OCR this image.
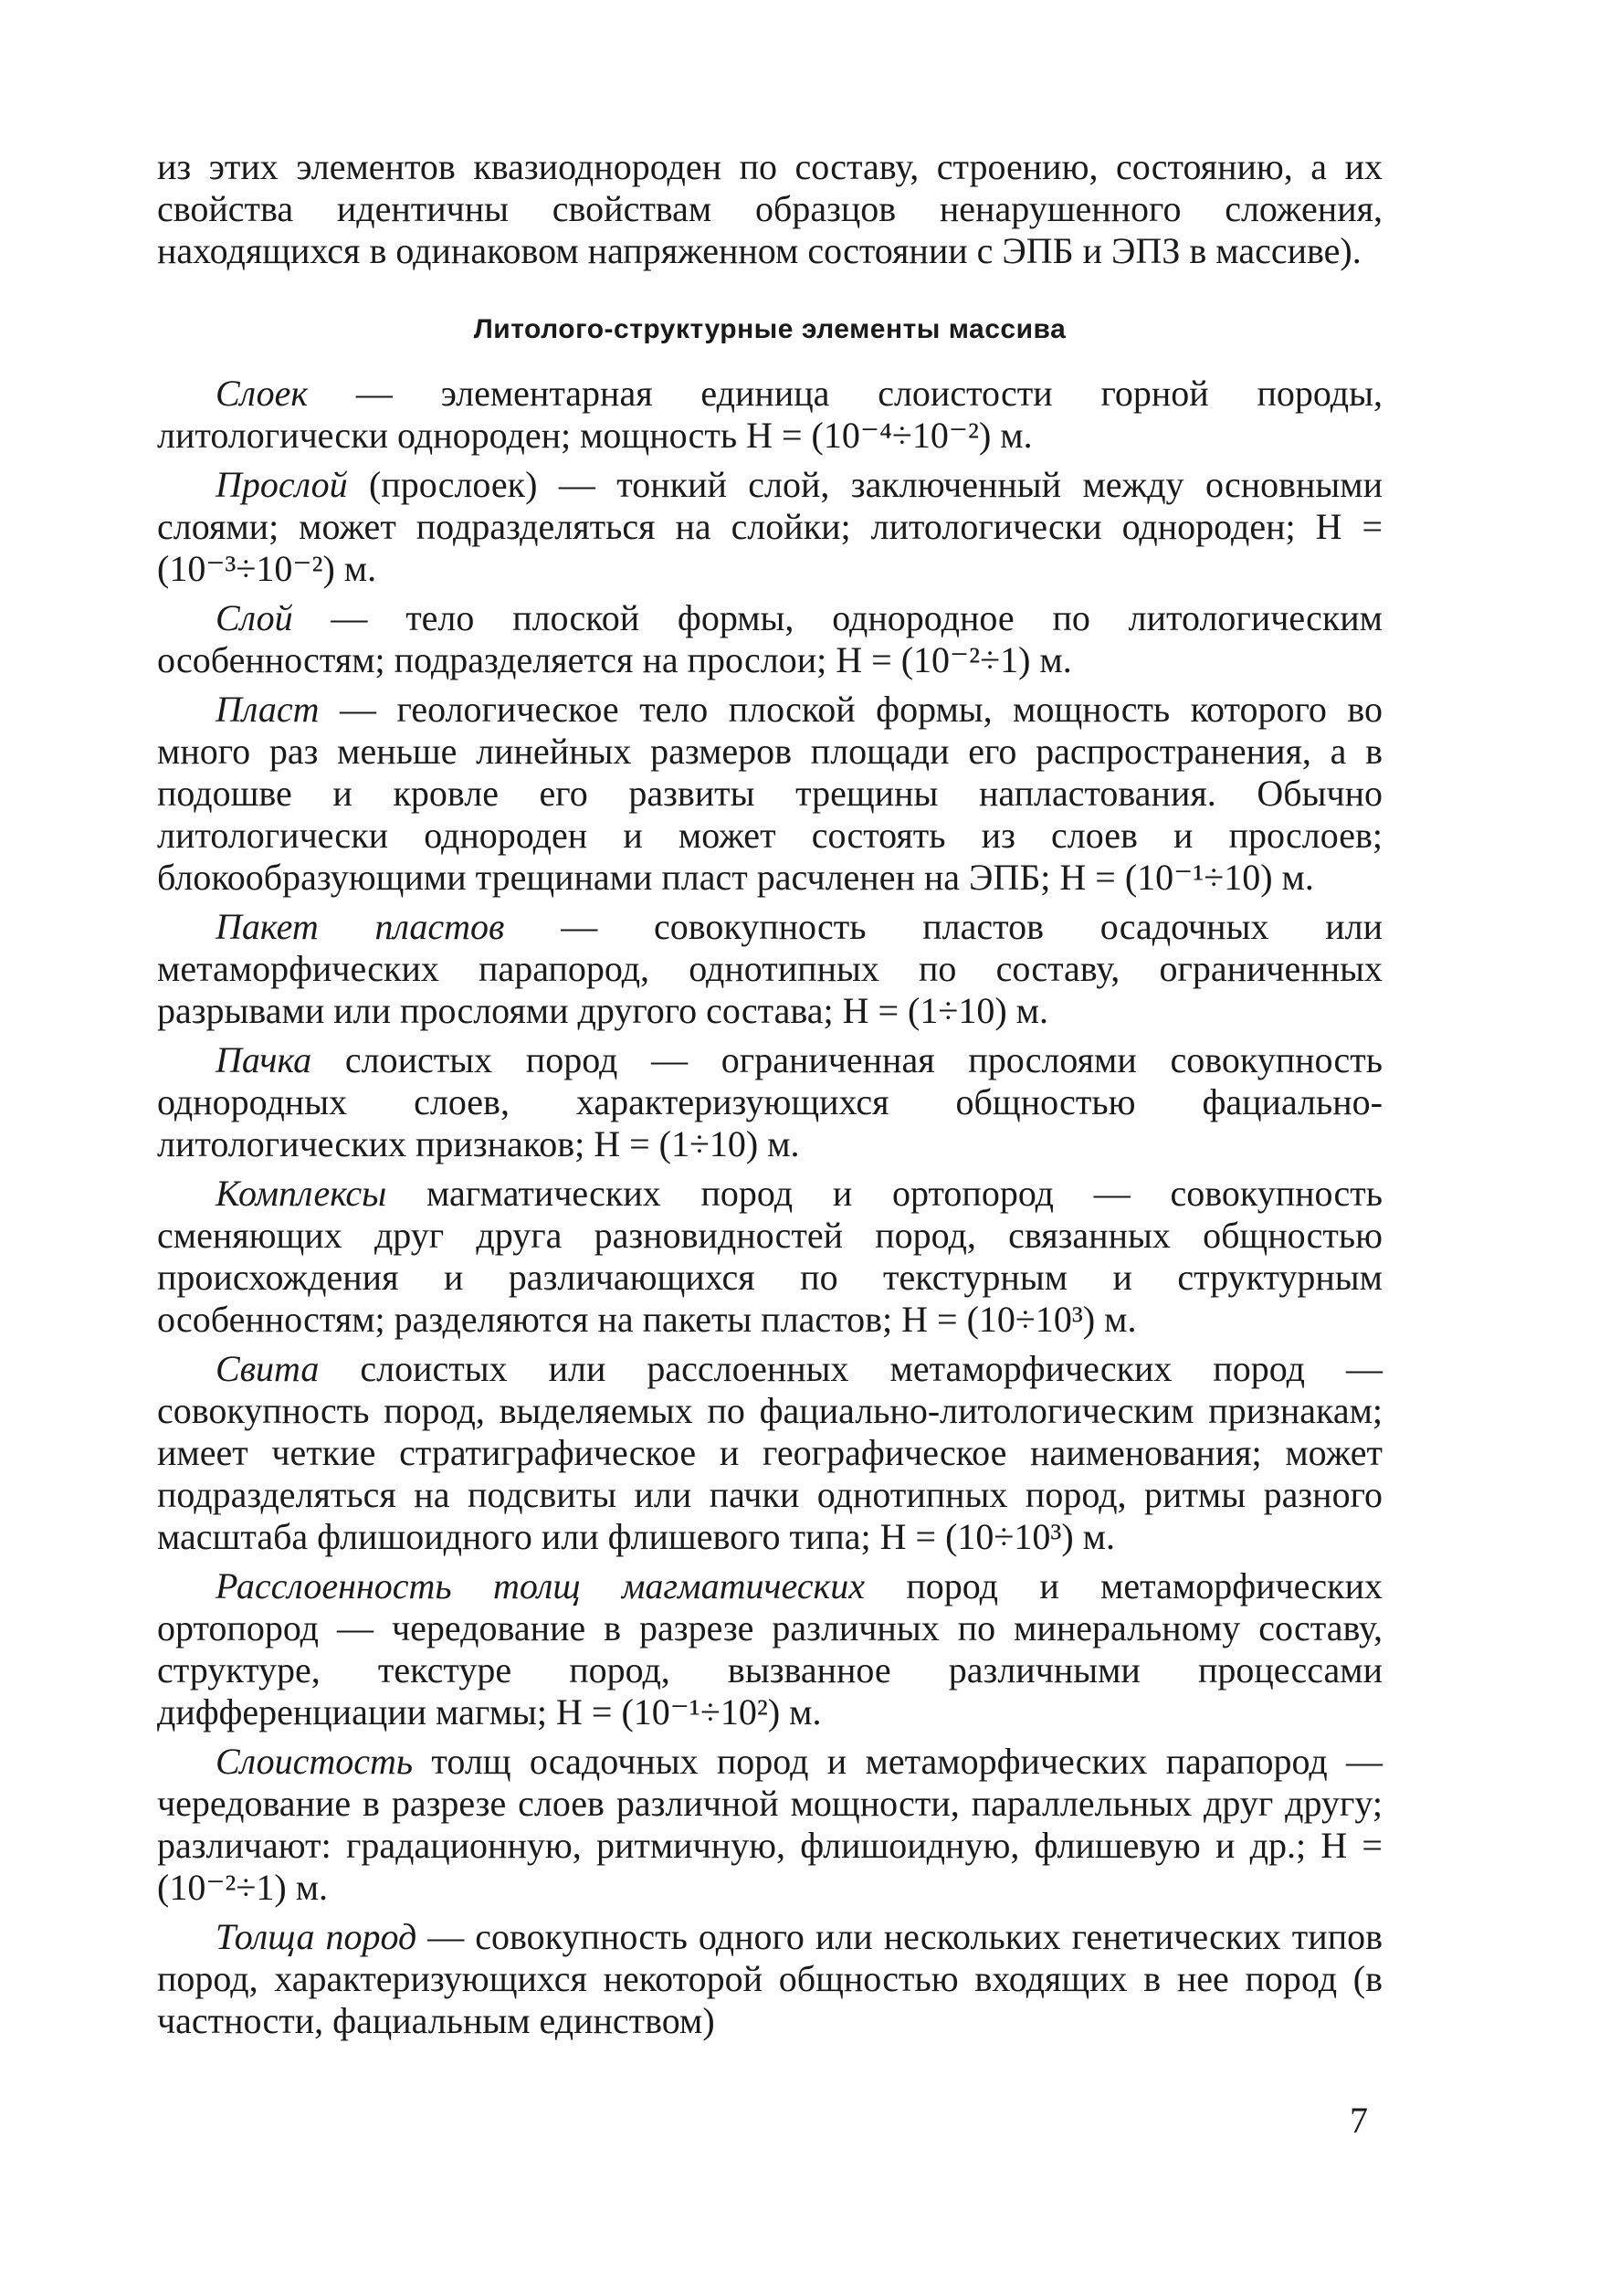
из этих элементов квазиоднороден по составу, строению, состоянию, а их свойства идентичны свойствам образцов ненарушенного сложения, находящихся в одинаковом напряженном состоянии с ЭПБ и ЭПЗ в массиве).

Литолого-структурные элементы массива

Слоек — элементарная единица слоистости горной породы, литологически однороден; мощность H = (10⁻⁴÷10⁻²) м.

Прослой (прослоек) — тонкий слой, заключенный между основными слоями; может подразделяться на слойки; литологически однороден; H = (10⁻³÷10⁻²) м.

Слой — тело плоской формы, однородное по литологическим особенностям; подразделяется на прослои; H = (10⁻²÷1) м.

Пласт — геологическое тело плоской формы, мощность которого во много раз меньше линейных размеров площади его распространения, а в подошве и кровле его развиты трещины напластования. Обычно литологически однороден и может состоять из слоев и прослоев; блокообразующими трещинами пласт расчленен на ЭПБ; H = (10⁻¹÷10) м.

Пакет пластов — совокупность пластов осадочных или метаморфических парапород, однотипных по составу, ограниченных разрывами или прослоями другого состава; H = (1÷10) м.

Пачка слоистых пород — ограниченная прослоями совокупность однородных слоев, характеризующихся общностью фациально-литологических признаков; H = (1÷10) м.

Комплексы магматических пород и ортопород — совокупность сменяющих друг друга разновидностей пород, связанных общностью происхождения и различающихся по текстурным и структурным особенностям; разделяются на пакеты пластов; H = (10÷10³) м.

Свита слоистых или расслоенных метаморфических пород — совокупность пород, выделяемых по фациально-литологическим признакам; имеет четкие стратиграфическое и географическое наименования; может подразделяться на подсвиты или пачки однотипных пород, ритмы разного масштаба флишоидного или флишевого типа; H = (10÷10³) м.

Расслоенность толщ магматических пород и метаморфических ортопород — чередование в разрезе различных по минеральному составу, структуре, текстуре пород, вызванное различными процессами дифференциации магмы; H = (10⁻¹÷10²) м.

Слоистость толщ осадочных пород и метаморфических парапород — чередование в разрезе слоев различной мощности, параллельных друг другу; различают: градационную, ритмичную, флишоидную, флишевую и др.; H = (10⁻²÷1) м.

Толща пород — совокупность одного или нескольких генетических типов пород, характеризующихся некоторой общностью входящих в нее пород (в частности, фациальным единством)

7
